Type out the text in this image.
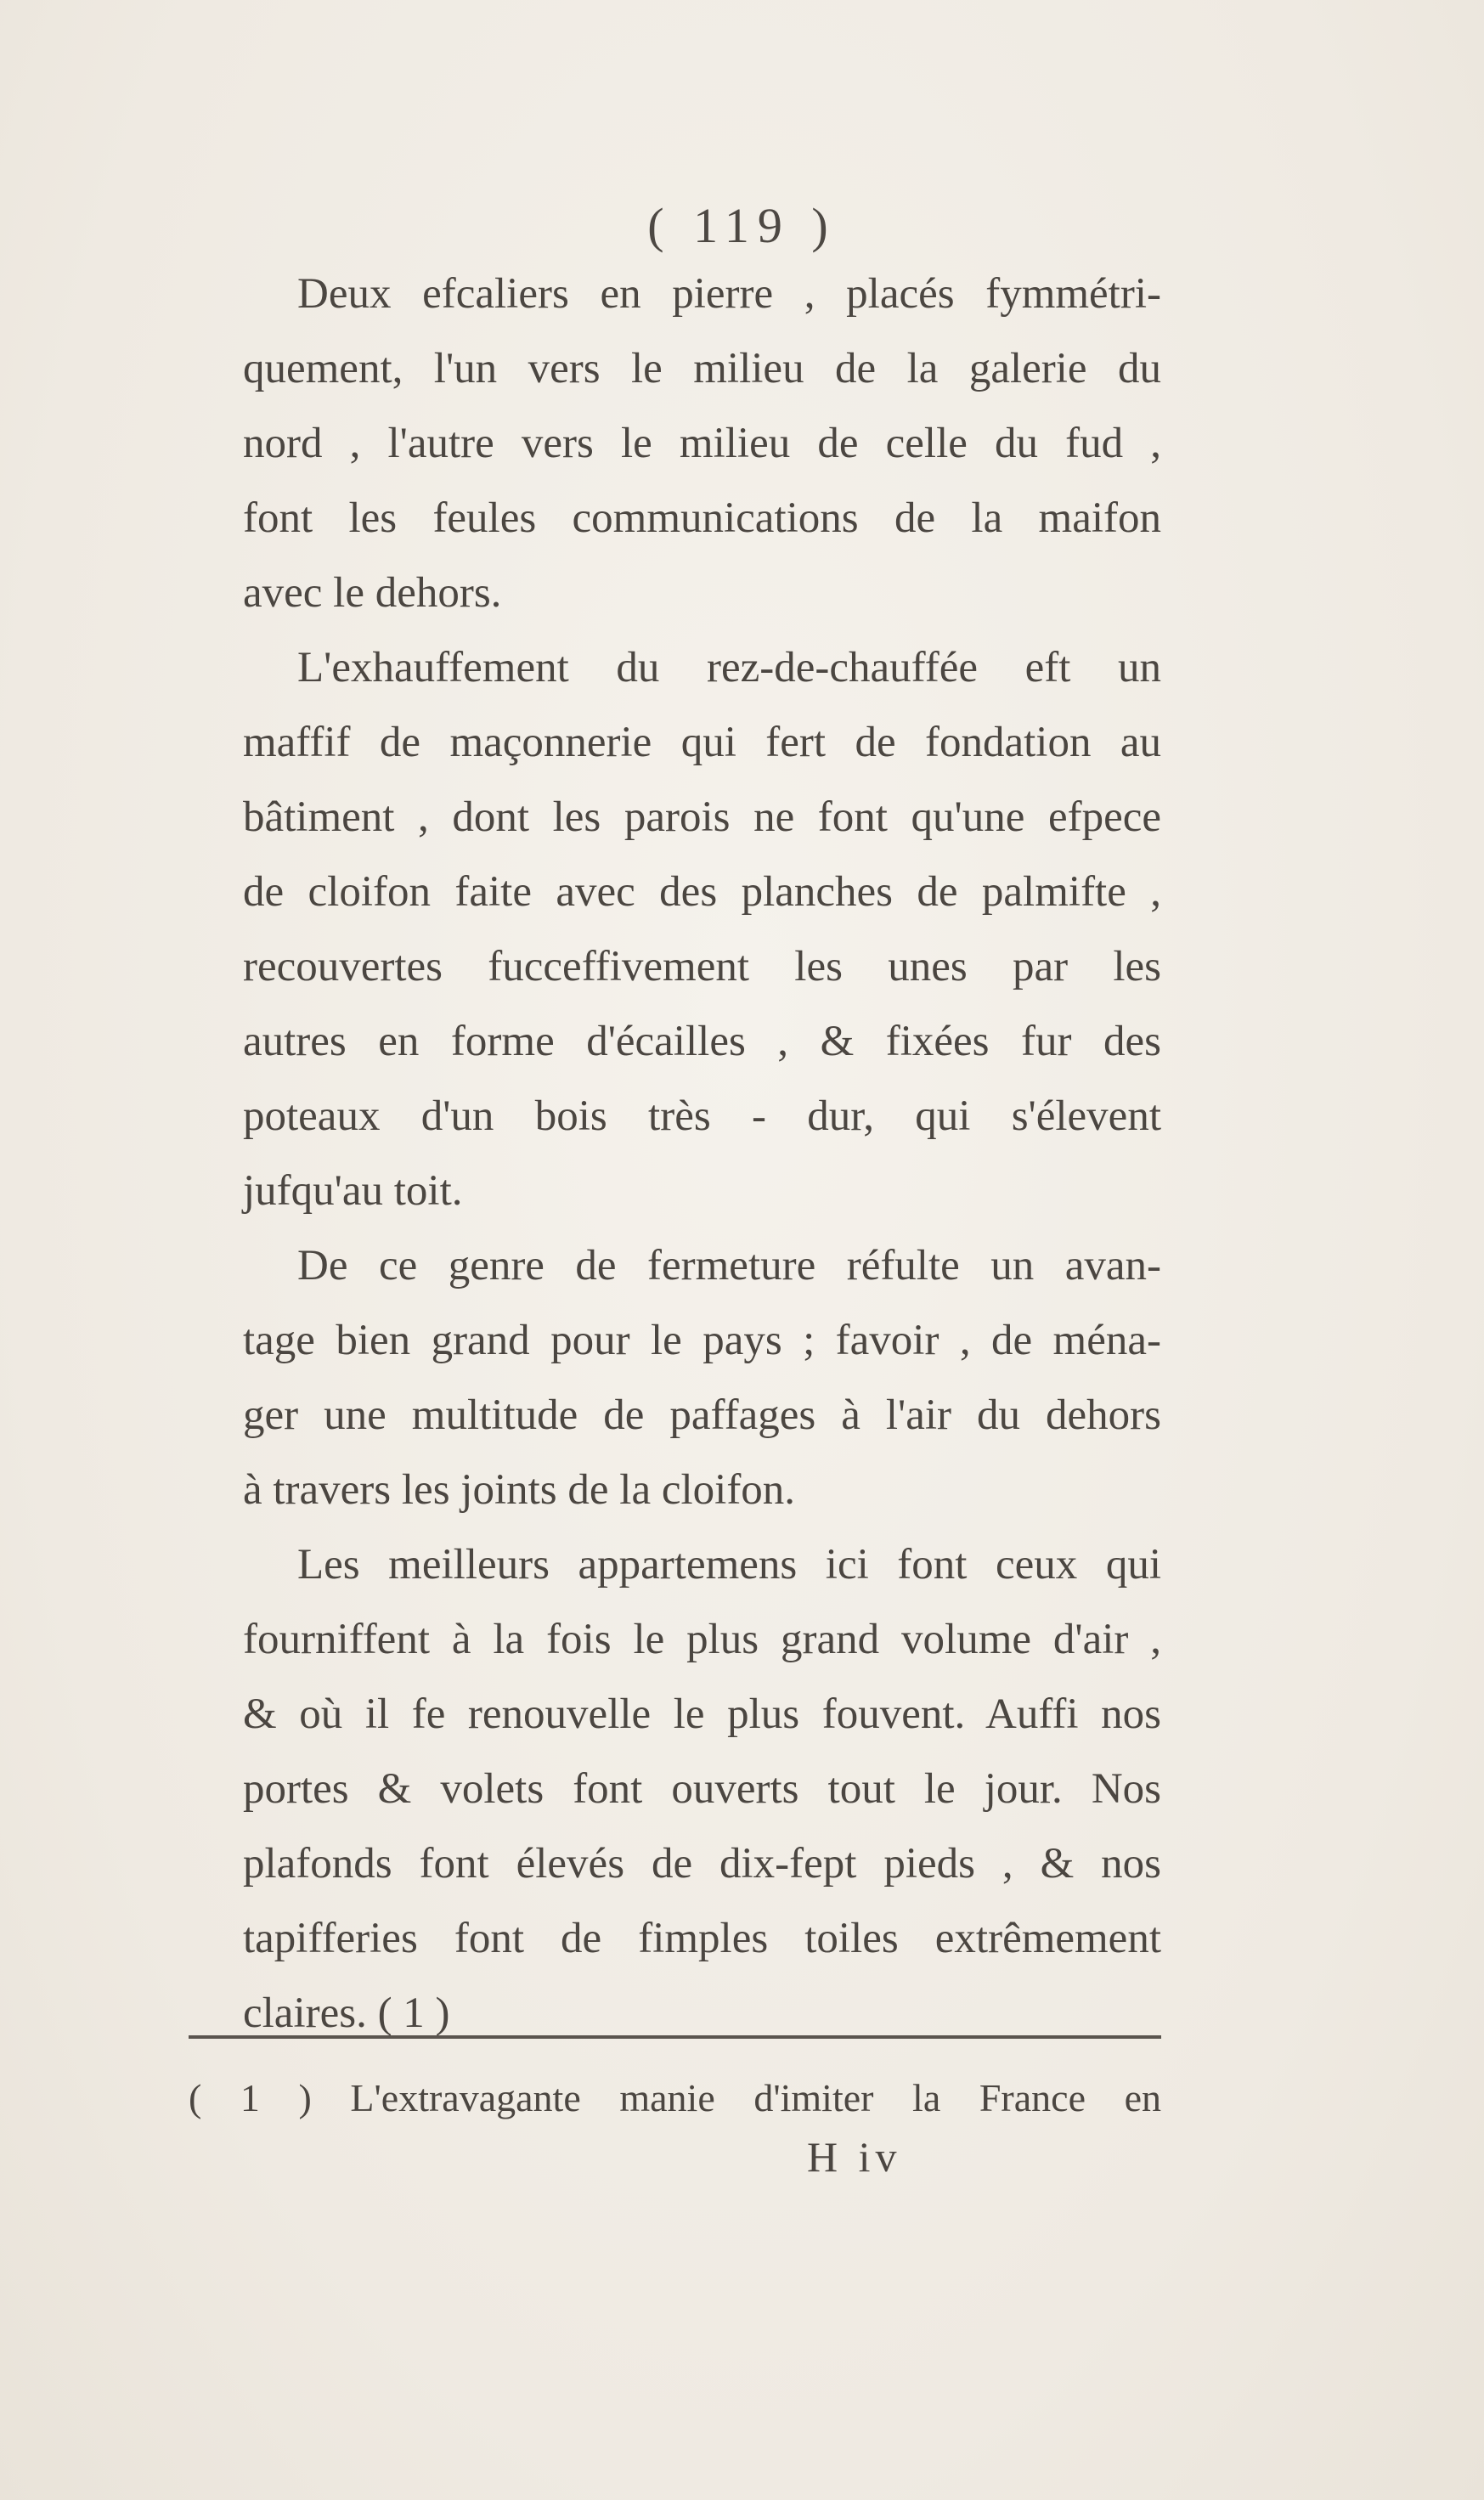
( 119 )

Deux efcaliers en pierre , placés fymmétri-
quement, l'un vers le milieu de la galerie du
nord , l'autre vers le milieu de celle du fud ,
font les feules communications de la maifon
avec le dehors.

L'exhauffement du rez-de-chauffée eft un
maffif de maçonnerie qui fert de fondation au
bâtiment , dont les parois ne font qu'une efpece
de cloifon faite avec des planches de palmifte ,
recouvertes fucceffivement les unes par les
autres en forme d'écailles , & fixées fur des
poteaux d'un bois très - dur, qui s'élevent
jufqu'au toit.

De ce genre de fermeture réfulte un avan-
tage bien grand pour le pays ; favoir , de ména-
ger une multitude de paffages à l'air du dehors
à travers les joints de la cloifon.

Les meilleurs appartemens ici font ceux qui
fourniffent à la fois le plus grand volume d'air ,
& où il fe renouvelle le plus fouvent. Auffi nos
portes & volets font ouverts tout le jour. Nos
plafonds font élevés de dix-fept pieds , & nos
tapifferies font de fimples toiles extrêmement
claires. ( 1 )

( 1 ) L'extravagante manie d'imiter la France en
H iv
